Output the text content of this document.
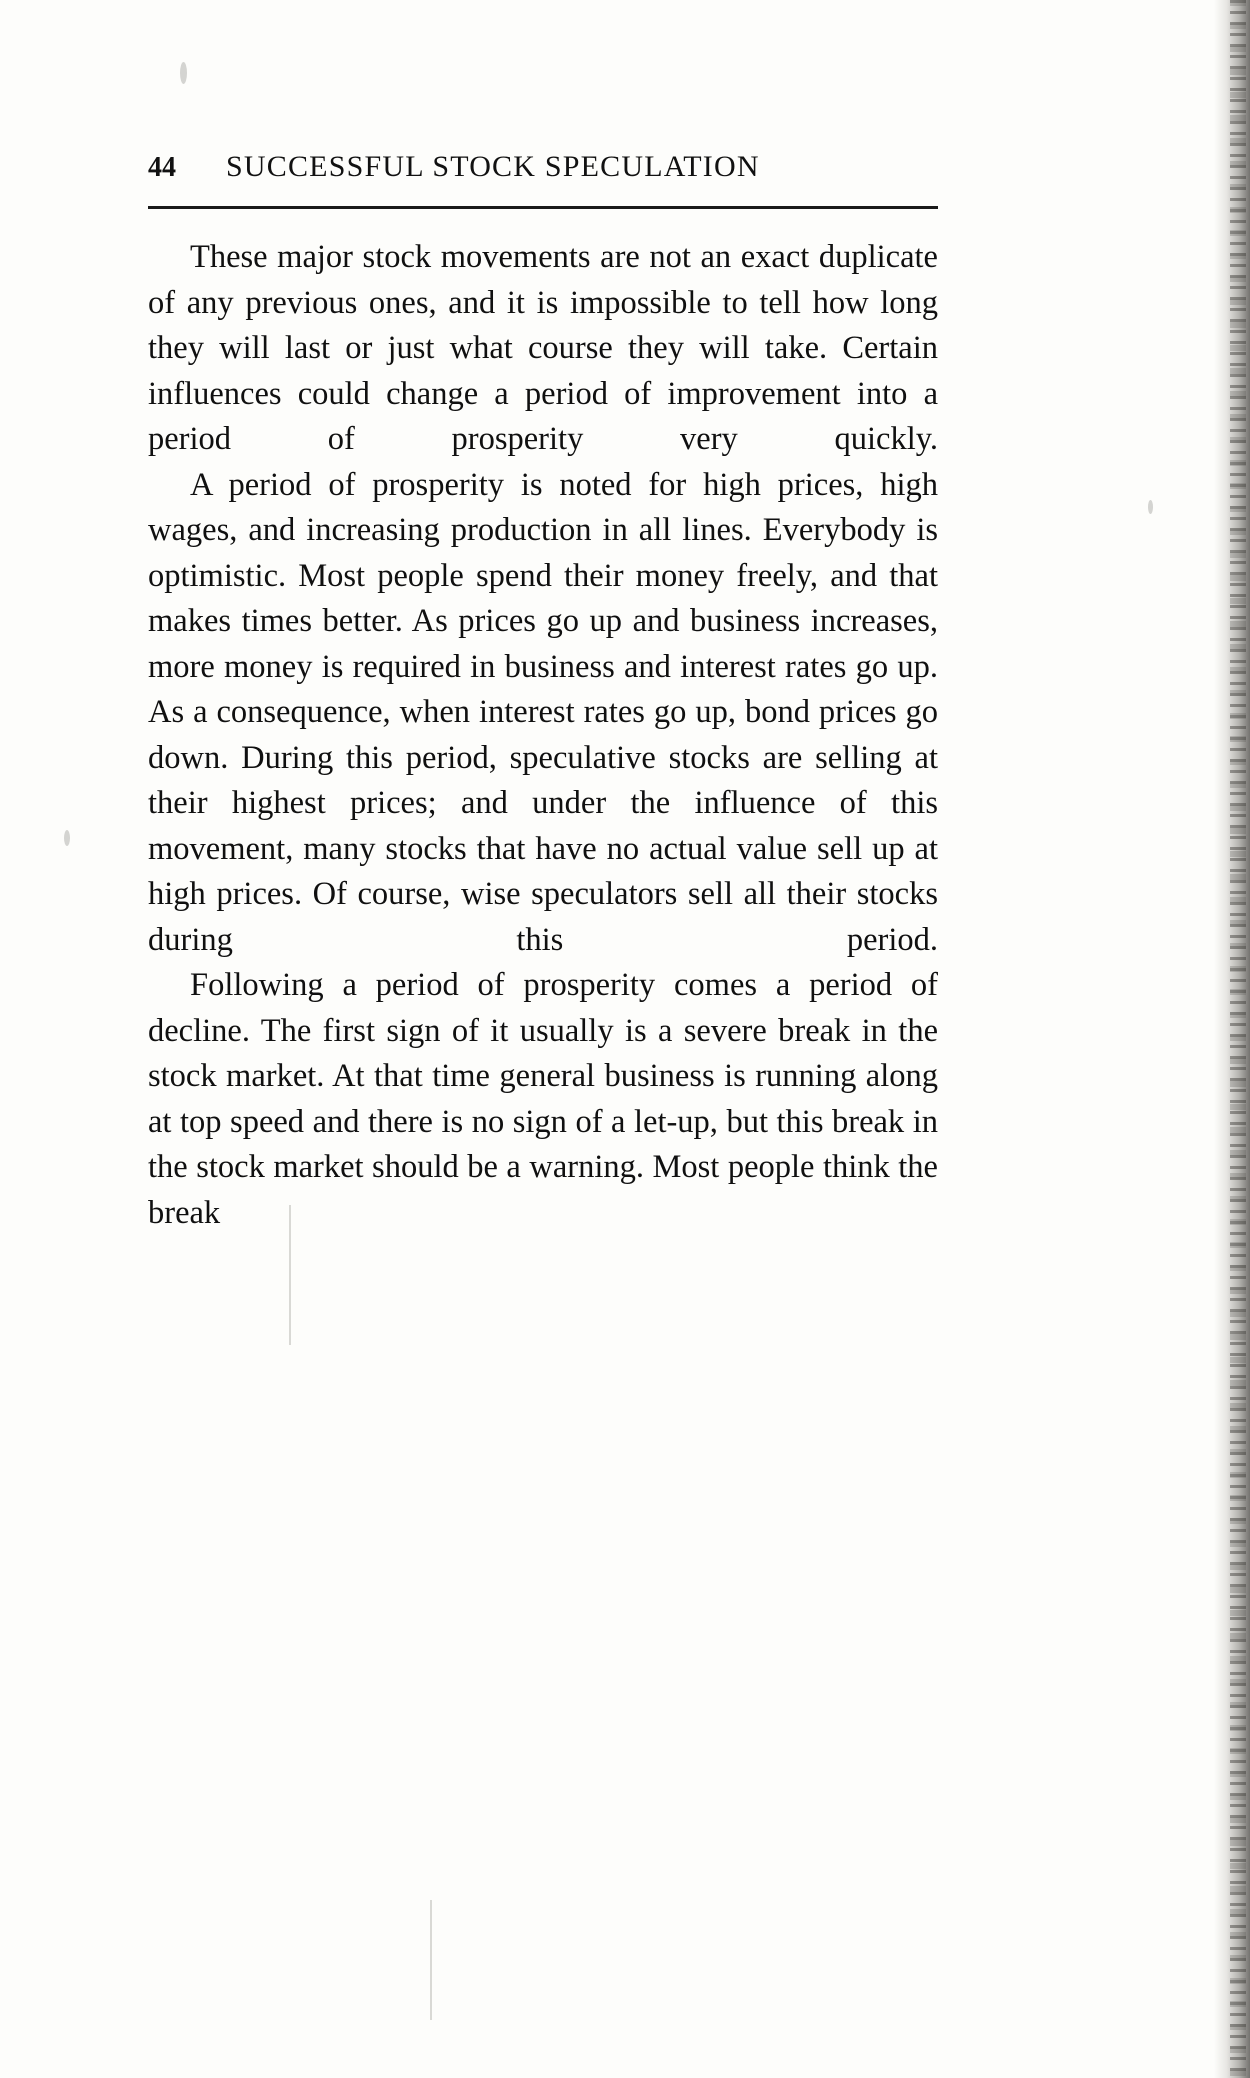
44	SUCCESSFUL STOCK SPECULATION

These major stock movements are not an exact duplicate of any previous ones, and it is impossible to tell how long they will last or just what course they will take. Certain influences could change a period of improvement into a period of prosperity very quickly.

A period of prosperity is noted for high prices, high wages, and increasing production in all lines. Everybody is optimistic. Most people spend their money freely, and that makes times better. As prices go up and business increases, more money is required in business and interest rates go up. As a consequence, when interest rates go up, bond prices go down. During this period, speculative stocks are selling at their highest prices; and under the influence of this movement, many stocks that have no actual value sell up at high prices. Of course, wise speculators sell all their stocks during this period.

Following a period of prosperity comes a period of decline. The first sign of it usually is a severe break in the stock market. At that time general business is running along at top speed and there is no sign of a let-up, but this break in the stock market should be a warning. Most people think the break
